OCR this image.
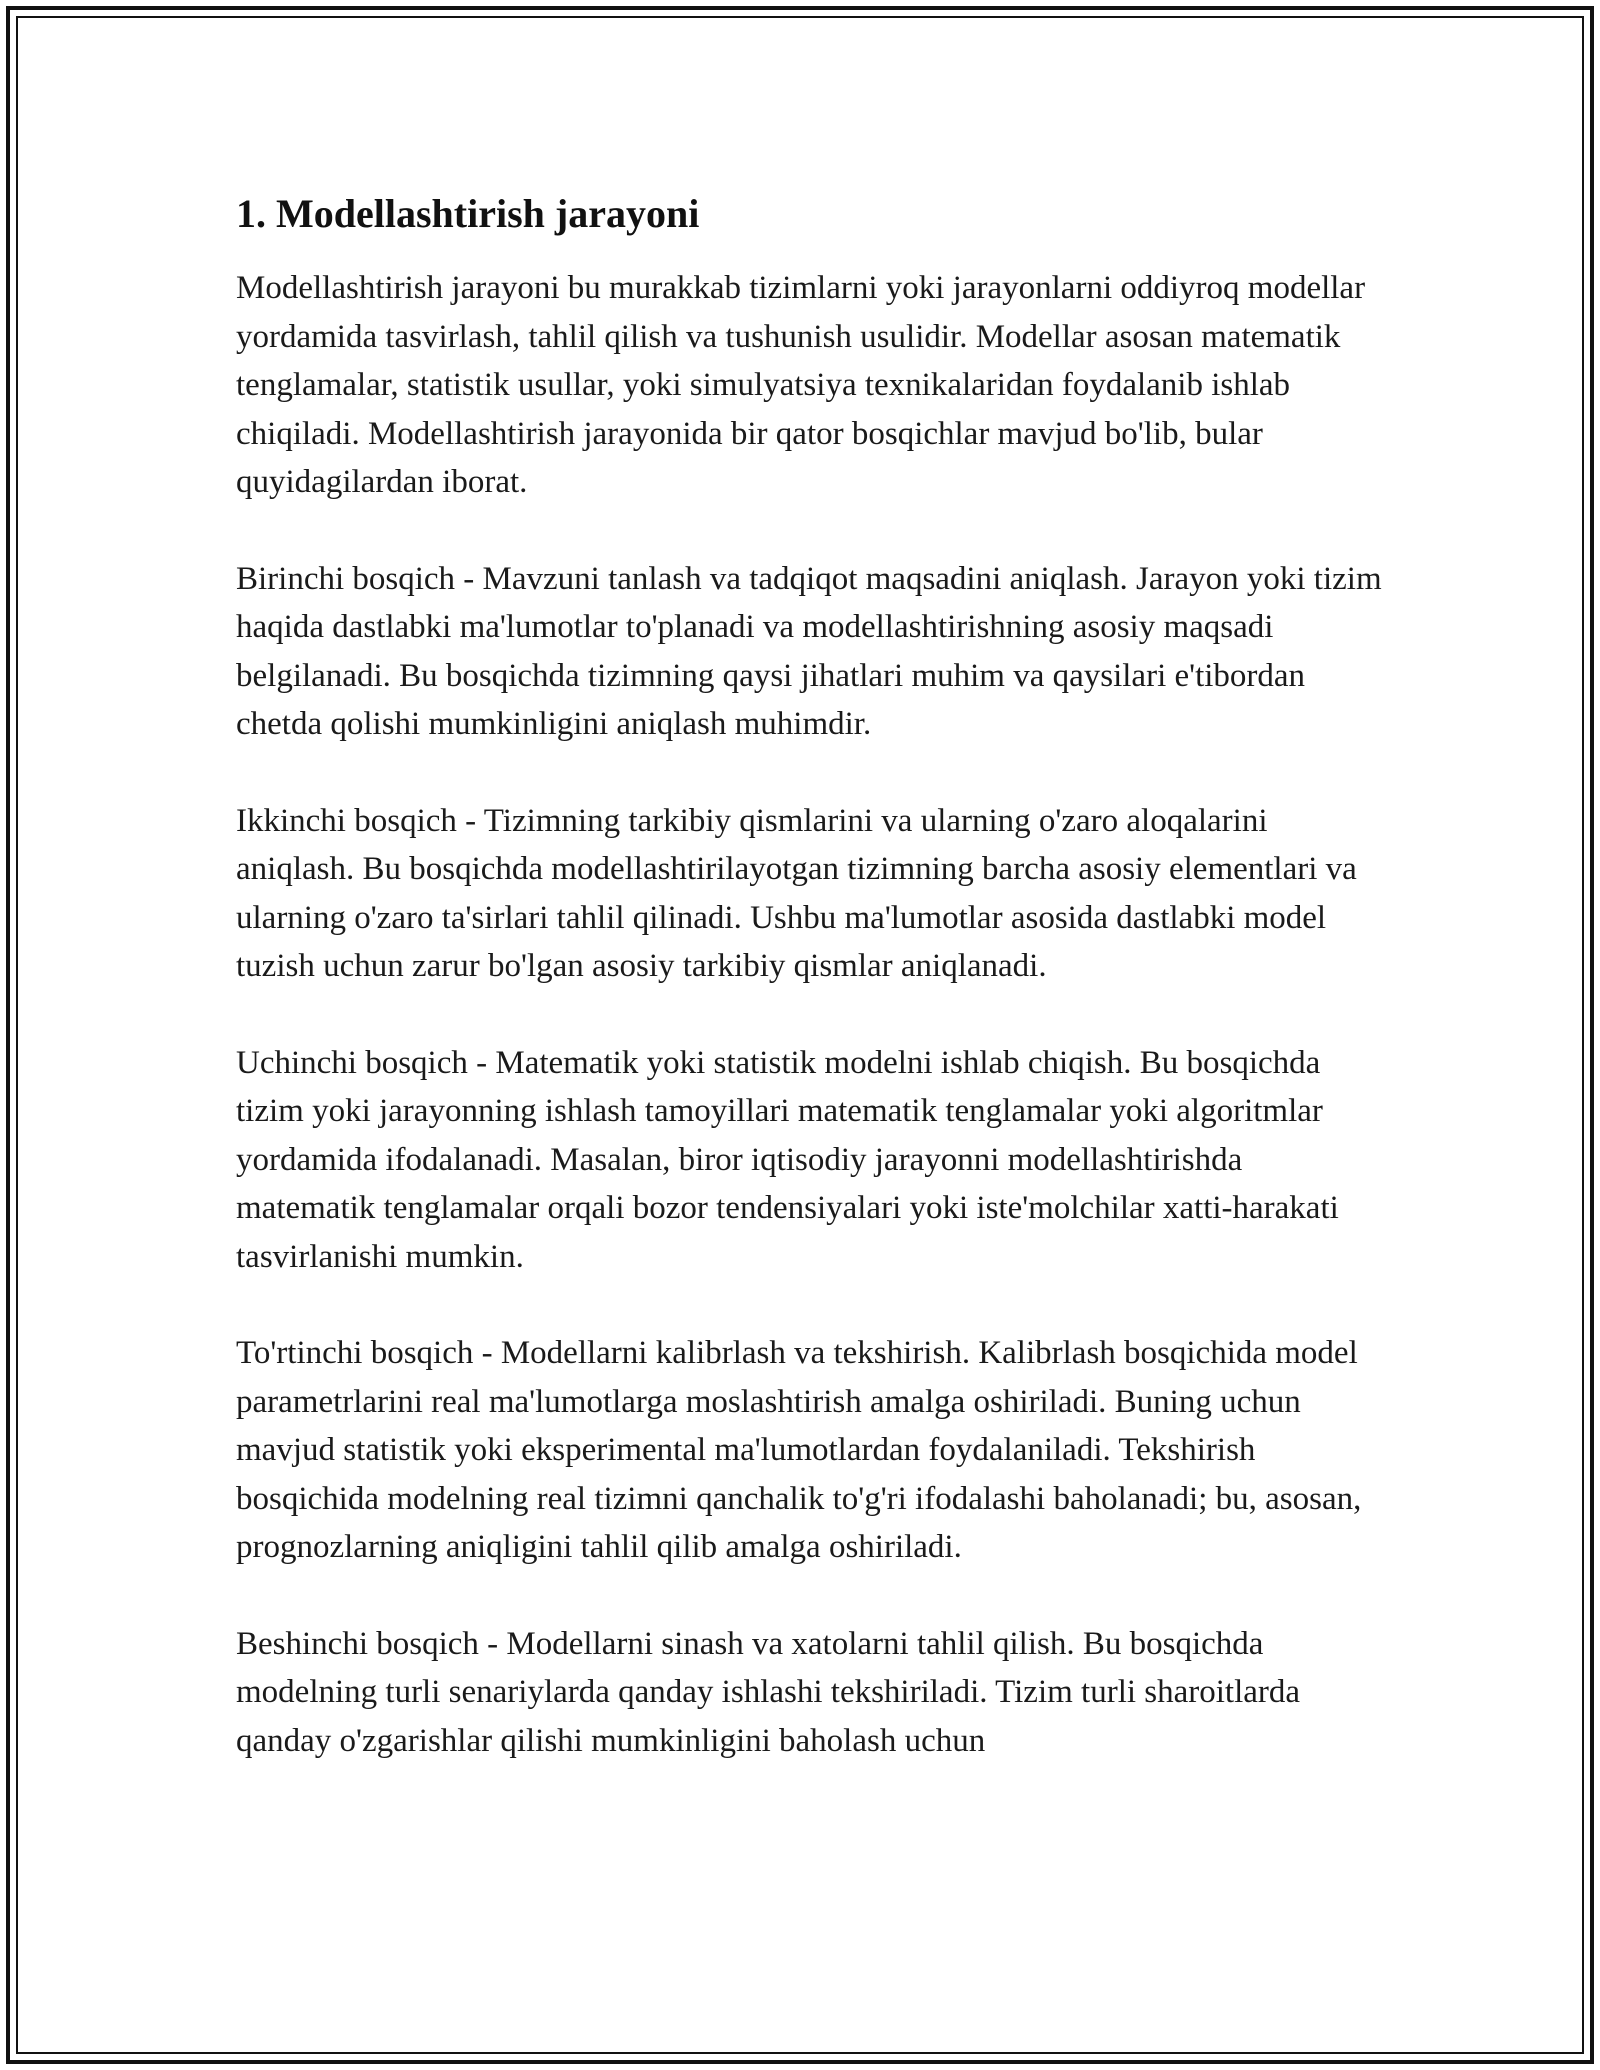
1. Modellashtirish jarayoni

Modellashtirish jarayoni bu murakkab tizimlarni yoki jarayonlarni oddiyroq modellar yordamida tasvirlash, tahlil qilish va tushunish usulidir. Modellar asosan matematik tenglamalar, statistik usullar, yoki simulyatsiya texnikalaridan foydalanib ishlab chiqiladi. Modellashtirish jarayonida bir qator bosqichlar mavjud bo'lib, bular quyidagilardan iborat.

Birinchi bosqich - Mavzuni tanlash va tadqiqot maqsadini aniqlash. Jarayon yoki tizim haqida dastlabki ma'lumotlar to'planadi va modellashtirishning asosiy maqsadi belgilanadi. Bu bosqichda tizimning qaysi jihatlari muhim va qaysilari e'tibordan chetda qolishi mumkinligini aniqlash muhimdir.

Ikkinchi bosqich - Tizimning tarkibiy qismlarini va ularning o'zaro aloqalarini aniqlash. Bu bosqichda modellashtirilayotgan tizimning barcha asosiy elementlari va ularning o'zaro ta'sirlari tahlil qilinadi. Ushbu ma'lumotlar asosida dastlabki model tuzish uchun zarur bo'lgan asosiy tarkibiy qismlar aniqlanadi.

Uchinchi bosqich - Matematik yoki statistik modelni ishlab chiqish. Bu bosqichda tizim yoki jarayonning ishlash tamoyillari matematik tenglamalar yoki algoritmlar yordamida ifodalanadi. Masalan, biror iqtisodiy jarayonni modellashtirishda matematik tenglamalar orqali bozor tendensiyalari yoki iste'molchilar xatti-harakati tasvirlanishi mumkin.

To'rtinchi bosqich - Modellarni kalibrlash va tekshirish. Kalibrlash bosqichida model parametrlarini real ma'lumotlarga moslashtirish amalga oshiriladi. Buning uchun mavjud statistik yoki eksperimental ma'lumotlardan foydalaniladi. Tekshirish bosqichida modelning real tizimni qanchalik to'g'ri ifodalashi baholanadi; bu, asosan, prognozlarning aniqligini tahlil qilib amalga oshiriladi.

Beshinchi bosqich - Modellarni sinash va xatolarni tahlil qilish. Bu bosqichda modelning turli senariylarda qanday ishlashi tekshiriladi. Tizim turli sharoitlarda qanday o'zgarishlar qilishi mumkinligini baholash uchun
